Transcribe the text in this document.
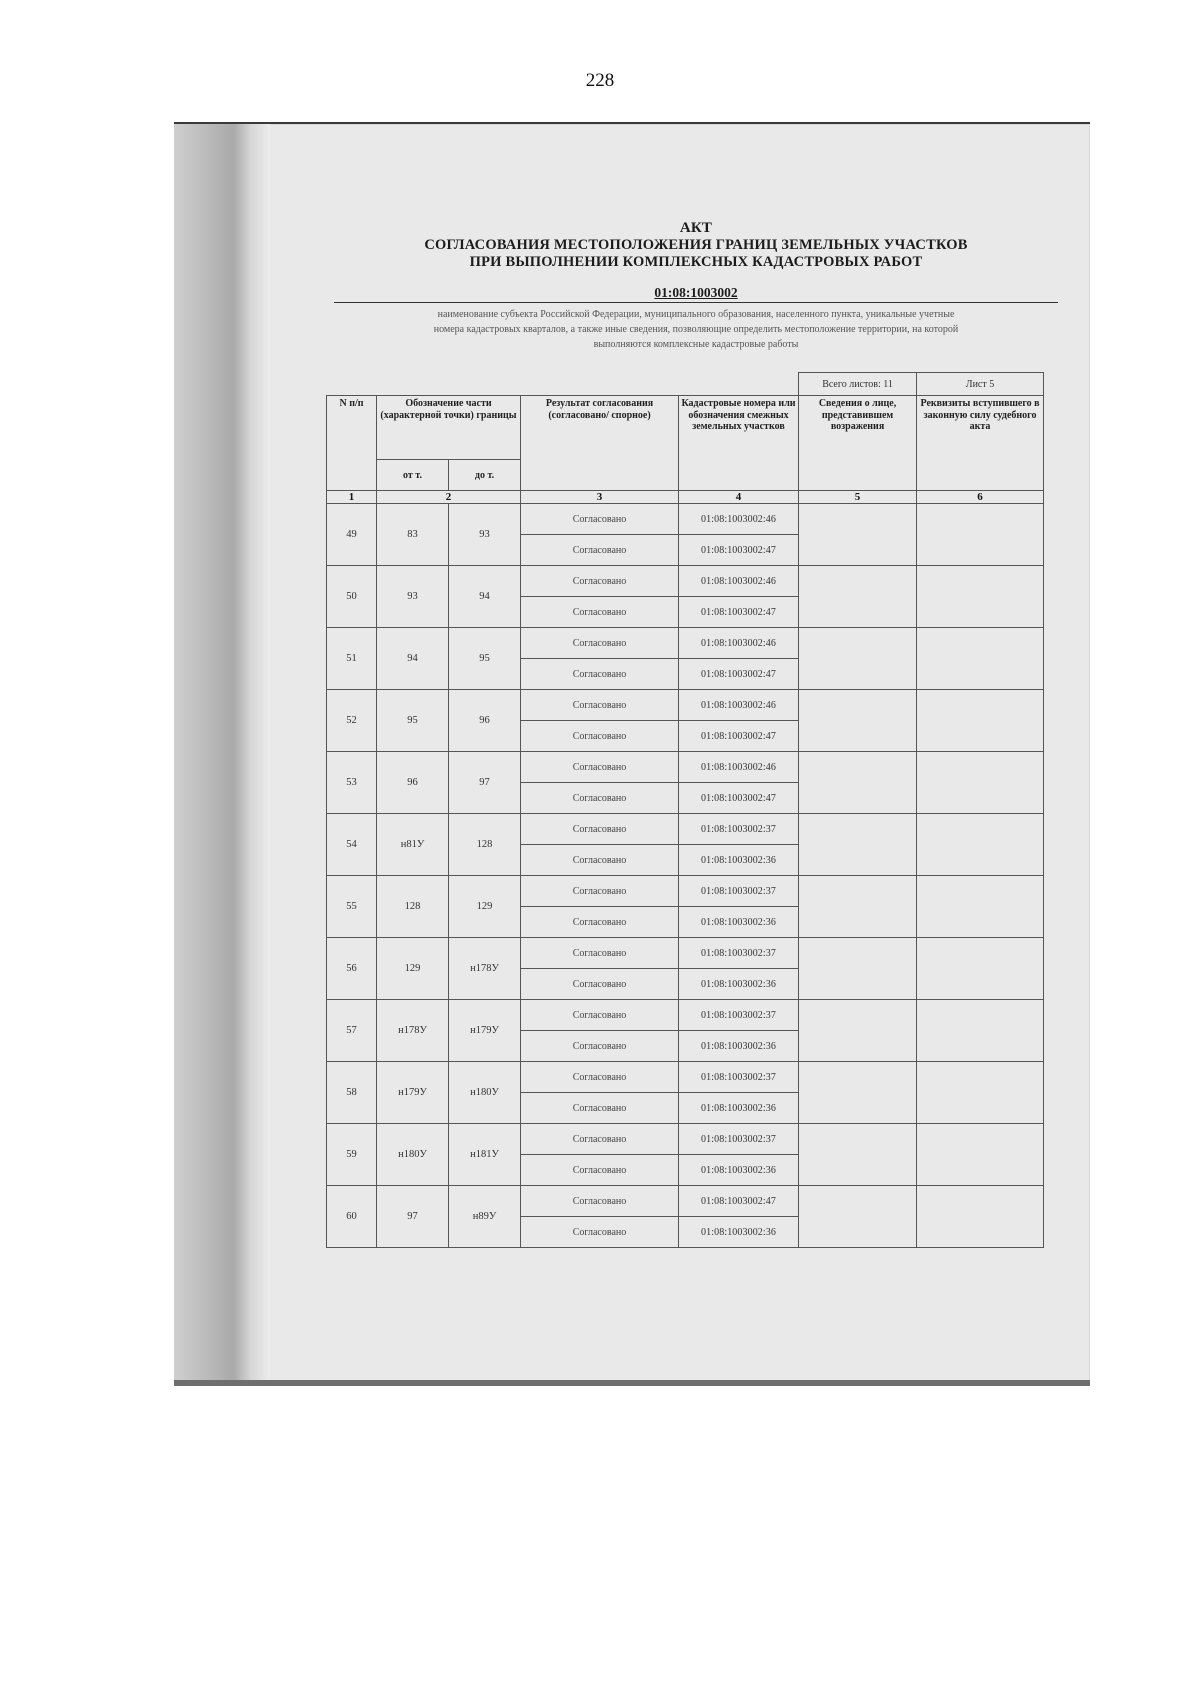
228
АКТ
СОГЛАСОВАНИЯ МЕСТОПОЛОЖЕНИЯ ГРАНИЦ ЗЕМЕЛЬНЫХ УЧАСТКОВ
ПРИ ВЫПОЛНЕНИИ КОМПЛЕКСНЫХ КАДАСТРОВЫХ РАБОТ
01:08:1003002
наименование субъекта Российской Федерации, муниципального образования, населенного пункта, уникальные учетные
номера кадастровых кварталов, а также иные сведения, позволяющие определить местоположение территории, на которой
выполняются комплексные кадастровые работы
					Всего листов: 11	Лист 5
N п/п	Обозначение части (характерной точки) границы		Результат согласования (согласовано/ спорное)	Кадастровые номера или обозначения смежных земельных участков	Сведения о лице, представившем возражения	Реквизиты вступившего в законную силу судебного акта
	от т.	до т.				
1	2		3	4	5	6
49	83	93	Согласовано	01:08:1003002:46		
			Согласовано	01:08:1003002:47		
50	93	94	Согласовано	01:08:1003002:46		
			Согласовано	01:08:1003002:47		
51	94	95	Согласовано	01:08:1003002:46		
			Согласовано	01:08:1003002:47		
52	95	96	Согласовано	01:08:1003002:46		
			Согласовано	01:08:1003002:47		
53	96	97	Согласовано	01:08:1003002:46		
			Согласовано	01:08:1003002:47		
54	н81У	128	Согласовано	01:08:1003002:37		
			Согласовано	01:08:1003002:36		
55	128	129	Согласовано	01:08:1003002:37		
			Согласовано	01:08:1003002:36		
56	129	н178У	Согласовано	01:08:1003002:37		
			Согласовано	01:08:1003002:36		
57	н178У	н179У	Согласовано	01:08:1003002:37		
			Согласовано	01:08:1003002:36		
58	н179У	н180У	Согласовано	01:08:1003002:37		
			Согласовано	01:08:1003002:36		
59	н180У	н181У	Согласовано	01:08:1003002:37		
			Согласовано	01:08:1003002:36		
60	97	н89У	Согласовано	01:08:1003002:47		
			Согласовано	01:08:1003002:36		
